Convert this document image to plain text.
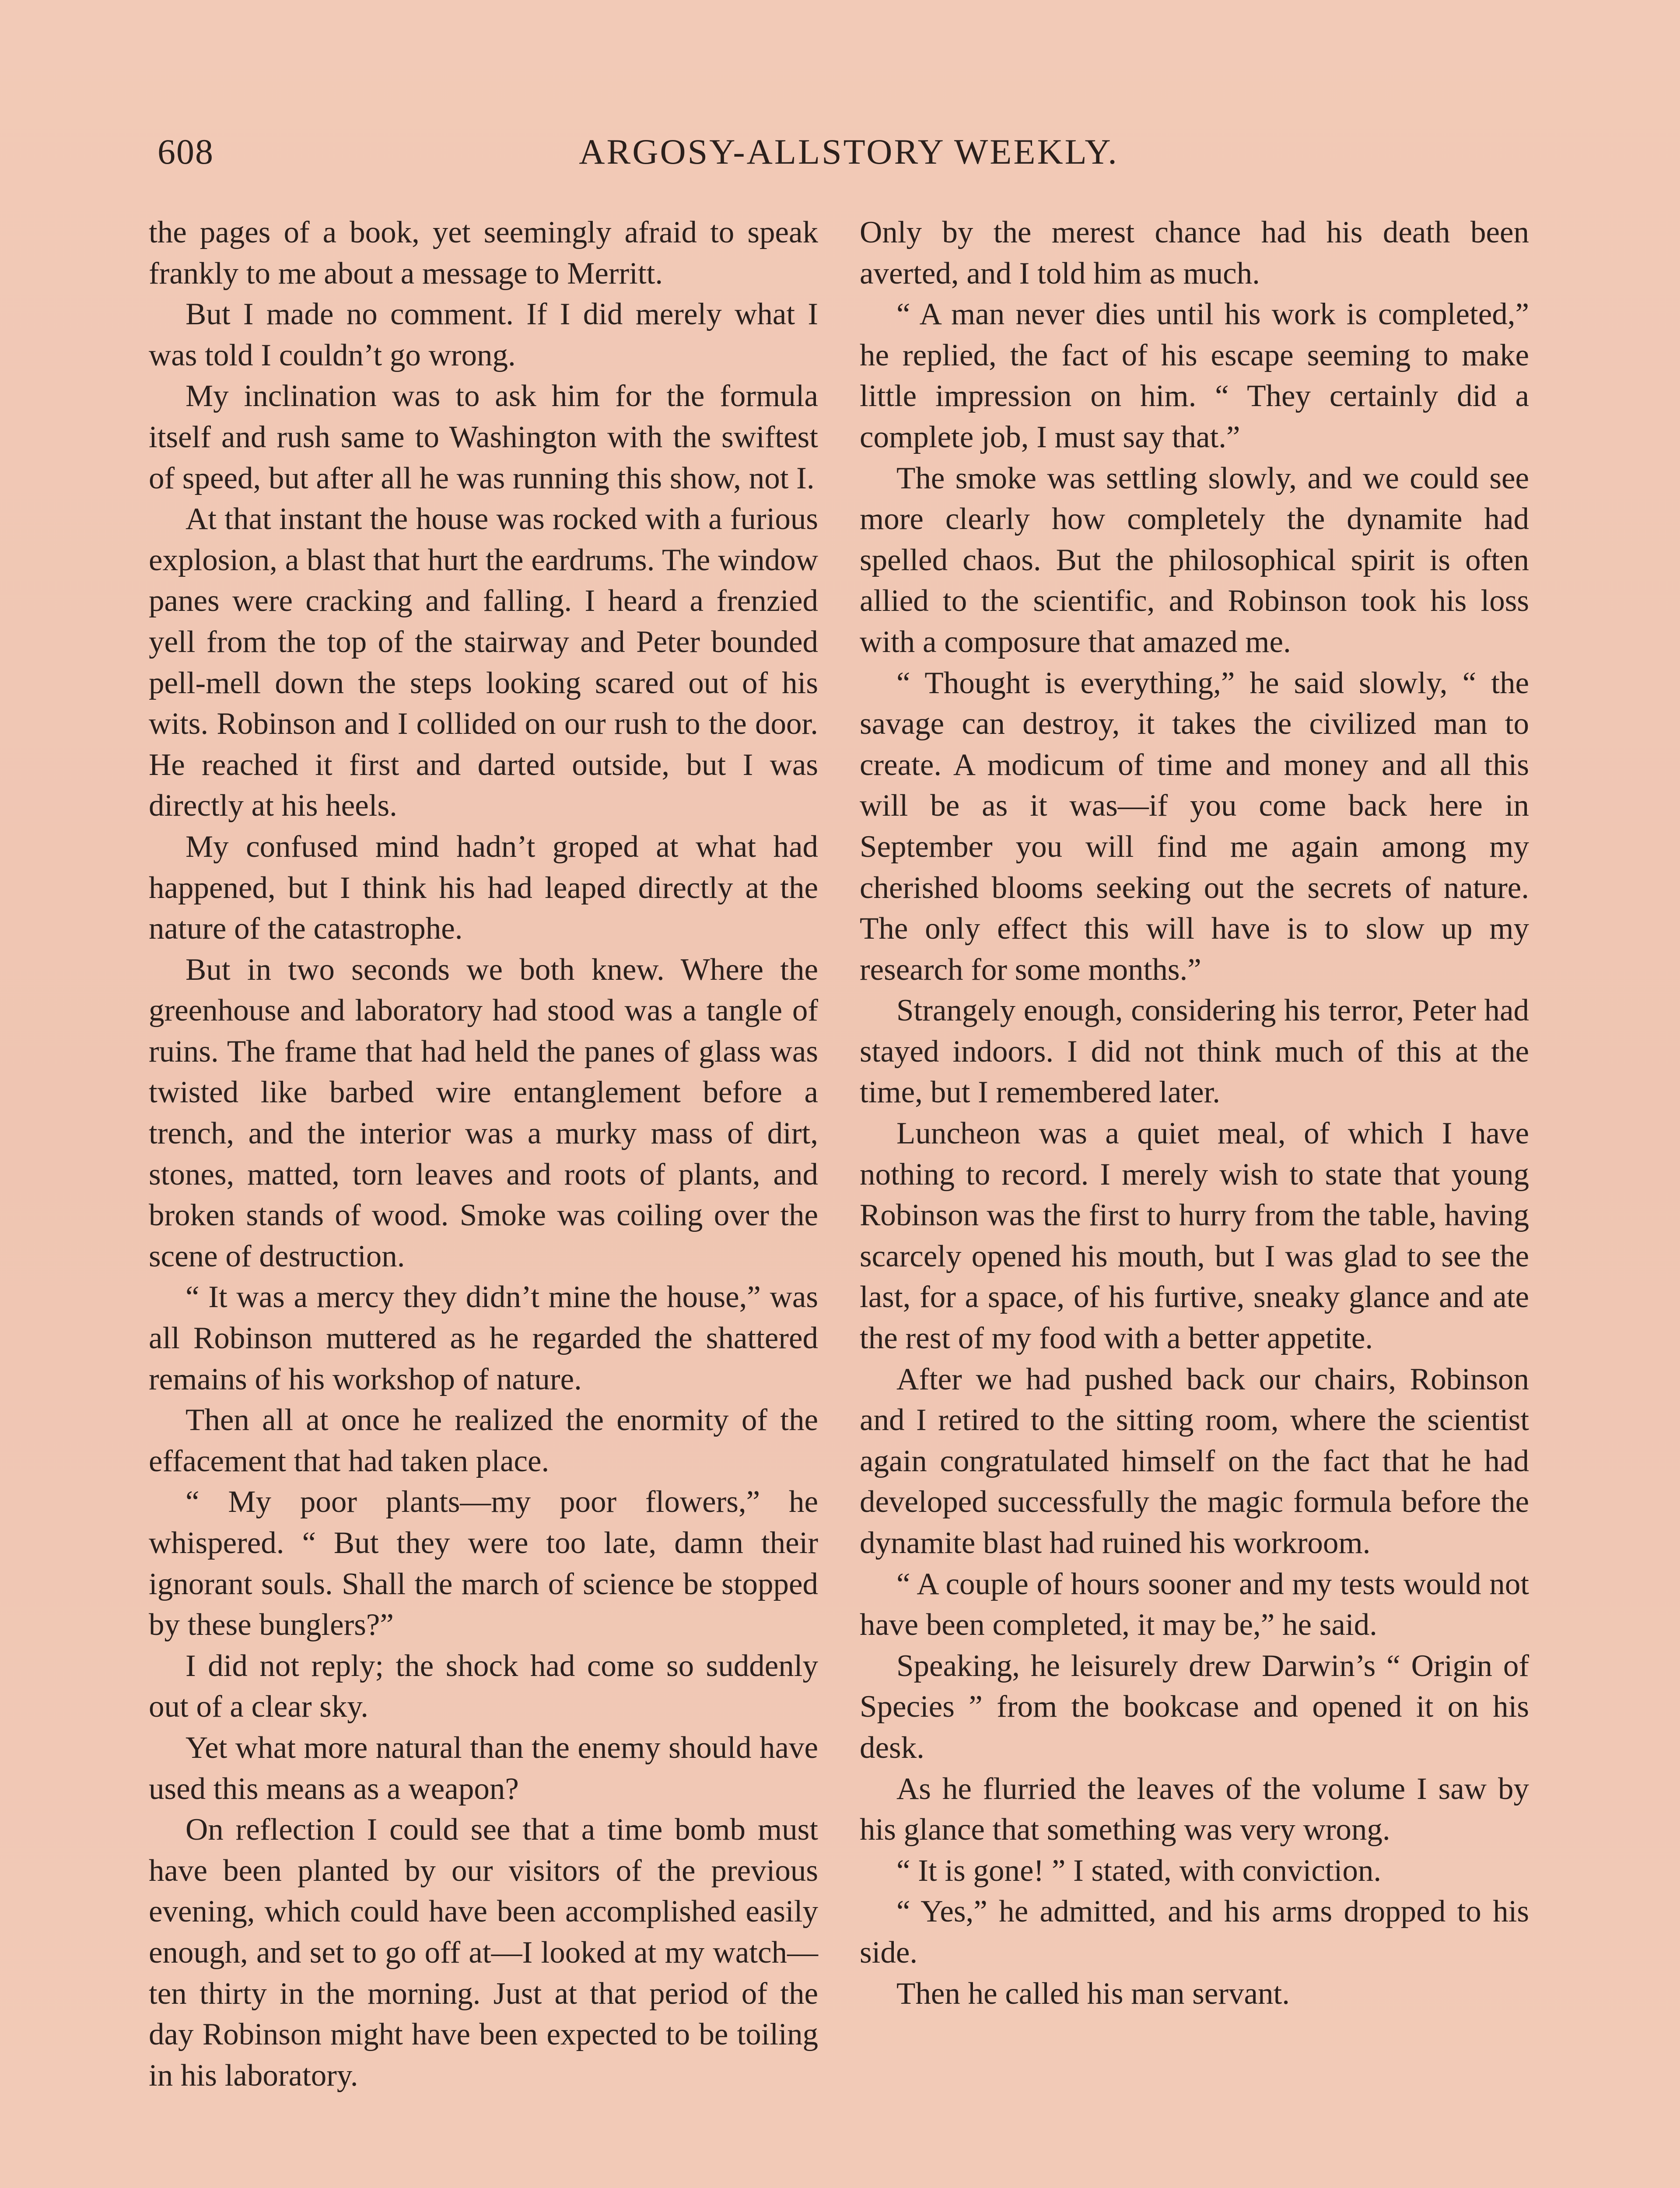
608	ARGOSY-ALLSTORY WEEKLY.

the pages of a book, yet seemingly afraid to speak frankly to me about a message to Merritt.

But I made no comment. If I did merely what I was told I couldn’t go wrong.

My inclination was to ask him for the formula itself and rush same to Washington with the swiftest of speed, but after all he was running this show, not I.

At that instant the house was rocked with a furious explosion, a blast that hurt the eardrums. The window panes were cracking and falling. I heard a frenzied yell from the top of the stairway and Peter bounded pell-mell down the steps looking scared out of his wits. Robinson and I collided on our rush to the door. He reached it first and darted outside, but I was directly at his heels.

My confused mind hadn’t groped at what had happened, but I think his had leaped directly at the nature of the catastrophe.

But in two seconds we both knew. Where the greenhouse and laboratory had stood was a tangle of ruins. The frame that had held the panes of glass was twisted like barbed wire entanglement before a trench, and the interior was a murky mass of dirt, stones, matted, torn leaves and roots of plants, and broken stands of wood. Smoke was coiling over the scene of destruction.

“ It was a mercy they didn’t mine the house,” was all Robinson muttered as he regarded the shattered remains of his workshop of nature.

Then all at once he realized the enormity of the effacement that had taken place.

“ My poor plants—my poor flowers,” he whispered. “ But they were too late, damn their ignorant souls. Shall the march of science be stopped by these bunglers?”

I did not reply; the shock had come so suddenly out of a clear sky.

Yet what more natural than the enemy should have used this means as a weapon?

On reflection I could see that a time bomb must have been planted by our visitors of the previous evening, which could have been accomplished easily enough, and set to go off at—I looked at my watch—ten thirty in the morning. Just at that period of the day Robinson might have been expected to be toiling in his laboratory.

Only by the merest chance had his death been averted, and I told him as much.

“ A man never dies until his work is completed,” he replied, the fact of his escape seeming to make little impression on him. “ They certainly did a complete job, I must say that.”

The smoke was settling slowly, and we could see more clearly how completely the dynamite had spelled chaos. But the philosophical spirit is often allied to the scientific, and Robinson took his loss with a composure that amazed me.

“ Thought is everything,” he said slowly, “ the savage can destroy, it takes the civilized man to create. A modicum of time and money and all this will be as it was—if you come back here in September you will find me again among my cherished blooms seeking out the secrets of nature. The only effect this will have is to slow up my research for some months.”

Strangely enough, considering his terror, Peter had stayed indoors. I did not think much of this at the time, but I remembered later.

Luncheon was a quiet meal, of which I have nothing to record. I merely wish to state that young Robinson was the first to hurry from the table, having scarcely opened his mouth, but I was glad to see the last, for a space, of his furtive, sneaky glance and ate the rest of my food with a better appetite.

After we had pushed back our chairs, Robinson and I retired to the sitting room, where the scientist again congratulated himself on the fact that he had developed successfully the magic formula before the dynamite blast had ruined his workroom.

“ A couple of hours sooner and my tests would not have been completed, it may be,” he said.

Speaking, he leisurely drew Darwin’s “ Origin of Species ” from the bookcase and opened it on his desk.

As he flurried the leaves of the volume I saw by his glance that something was very wrong.

“ It is gone! ” I stated, with conviction.

“ Yes,” he admitted, and his arms dropped to his side.

Then he called his man servant.
